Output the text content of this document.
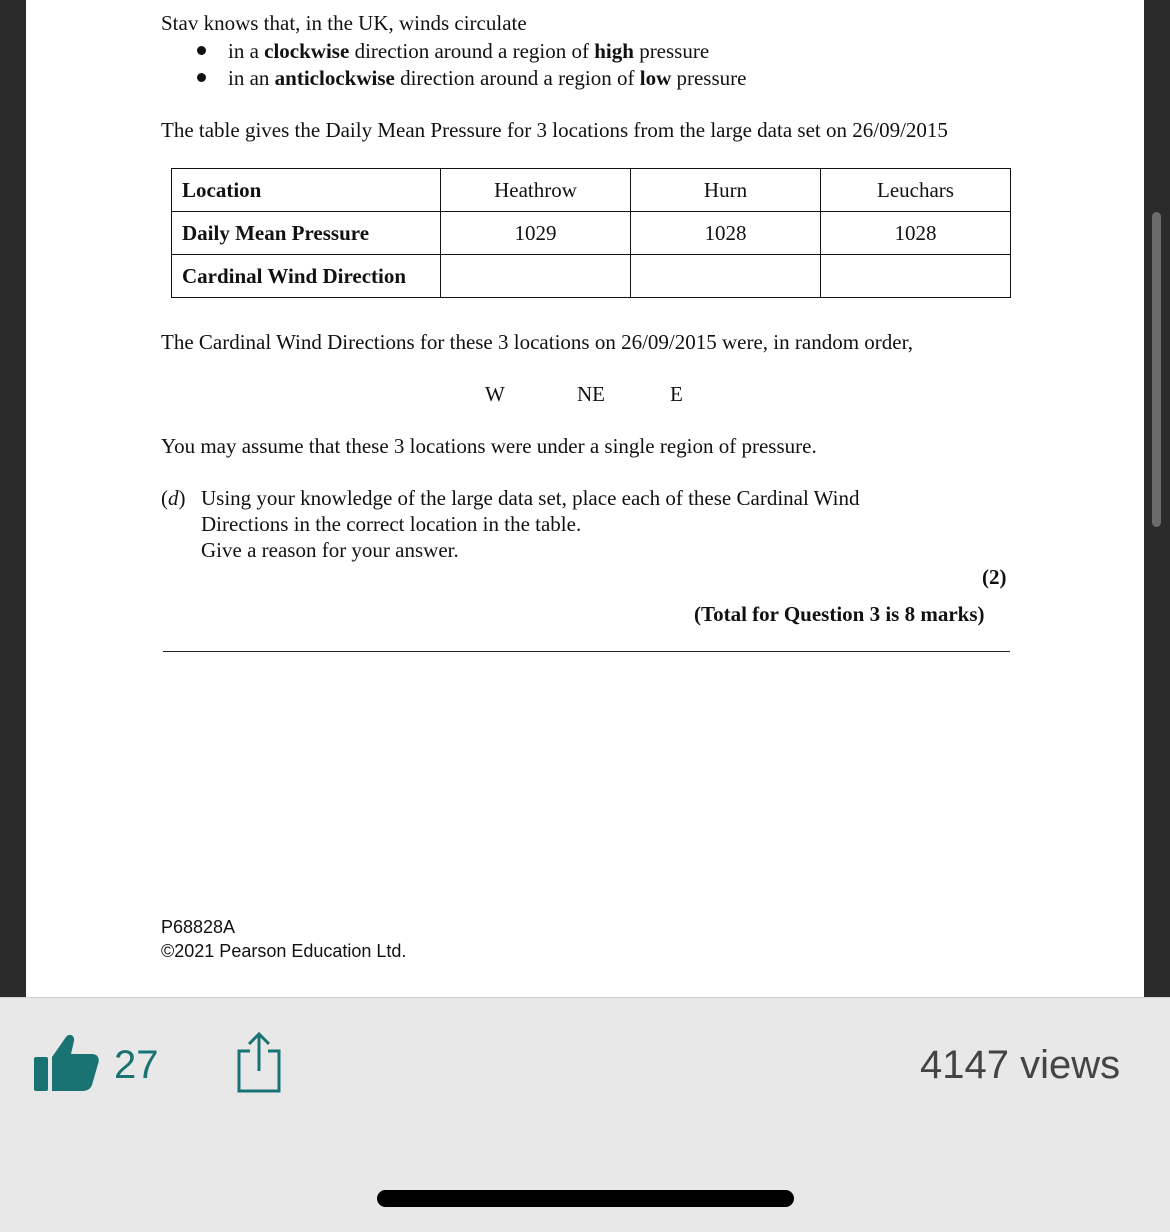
Stav knows that, in the UK, winds circulate
in a clockwise direction around a region of high pressure
in an anticlockwise direction around a region of low pressure
The table gives the Daily Mean Pressure for 3 locations from the large data set on 26/09/2015
Location	Heathrow	Hurn	Leuchars
Daily Mean Pressure	1029	1028	1028
Cardinal Wind Direction			
The Cardinal Wind Directions for these 3 locations on 26/09/2015 were, in random order,
W	NE	E
You may assume that these 3 locations were under a single region of pressure.
(d) Using your knowledge of the large data set, place each of these Cardinal Wind
Directions in the correct location in the table.
Give a reason for your answer.
(2)
(Total for Question 3 is 8 marks)
P68828A
©2021 Pearson Education Ltd.
27	4147 views
